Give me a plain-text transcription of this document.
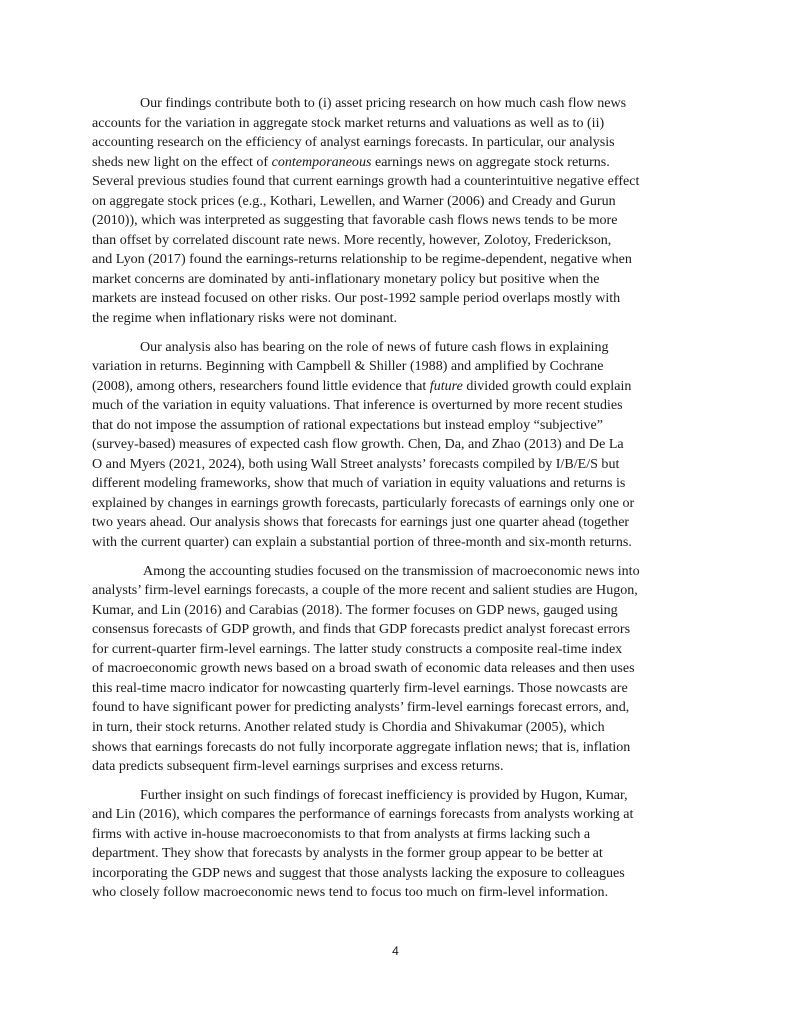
Our findings contribute both to (i) asset pricing research on how much cash flow news
accounts for the variation in aggregate stock market returns and valuations as well as to (ii)
accounting research on the efficiency of analyst earnings forecasts. In particular, our analysis
sheds new light on the effect of contemporaneous earnings news on aggregate stock returns.
Several previous studies found that current earnings growth had a counterintuitive negative effect
on aggregate stock prices (e.g., Kothari, Lewellen, and Warner (2006) and Cready and Gurun
(2010)), which was interpreted as suggesting that favorable cash flows news tends to be more
than offset by correlated discount rate news. More recently, however, Zolotoy, Frederickson,
and Lyon (2017) found the earnings-returns relationship to be regime-dependent, negative when
market concerns are dominated by anti-inflationary monetary policy but positive when the
markets are instead focused on other risks. Our post-1992 sample period overlaps mostly with
the regime when inflationary risks were not dominant.
Our analysis also has bearing on the role of news of future cash flows in explaining
variation in returns. Beginning with Campbell & Shiller (1988) and amplified by Cochrane
(2008), among others, researchers found little evidence that future divided growth could explain
much of the variation in equity valuations. That inference is overturned by more recent studies
that do not impose the assumption of rational expectations but instead employ “subjective”
(survey-based) measures of expected cash flow growth. Chen, Da, and Zhao (2013) and De La
O and Myers (2021, 2024), both using Wall Street analysts’ forecasts compiled by I/B/E/S but
different modeling frameworks, show that much of variation in equity valuations and returns is
explained by changes in earnings growth forecasts, particularly forecasts of earnings only one or
two years ahead. Our analysis shows that forecasts for earnings just one quarter ahead (together
with the current quarter) can explain a substantial portion of three-month and six-month returns.
Among the accounting studies focused on the transmission of macroeconomic news into
analysts’ firm-level earnings forecasts, a couple of the more recent and salient studies are Hugon,
Kumar, and Lin (2016) and Carabias (2018). The former focuses on GDP news, gauged using
consensus forecasts of GDP growth, and finds that GDP forecasts predict analyst forecast errors
for current-quarter firm-level earnings. The latter study constructs a composite real-time index
of macroeconomic growth news based on a broad swath of economic data releases and then uses
this real-time macro indicator for nowcasting quarterly firm-level earnings. Those nowcasts are
found to have significant power for predicting analysts’ firm-level earnings forecast errors, and,
in turn, their stock returns. Another related study is Chordia and Shivakumar (2005), which
shows that earnings forecasts do not fully incorporate aggregate inflation news; that is, inflation
data predicts subsequent firm-level earnings surprises and excess returns.
Further insight on such findings of forecast inefficiency is provided by Hugon, Kumar,
and Lin (2016), which compares the performance of earnings forecasts from analysts working at
firms with active in-house macroeconomists to that from analysts at firms lacking such a
department. They show that forecasts by analysts in the former group appear to be better at
incorporating the GDP news and suggest that those analysts lacking the exposure to colleagues
who closely follow macroeconomic news tend to focus too much on firm-level information.
4
